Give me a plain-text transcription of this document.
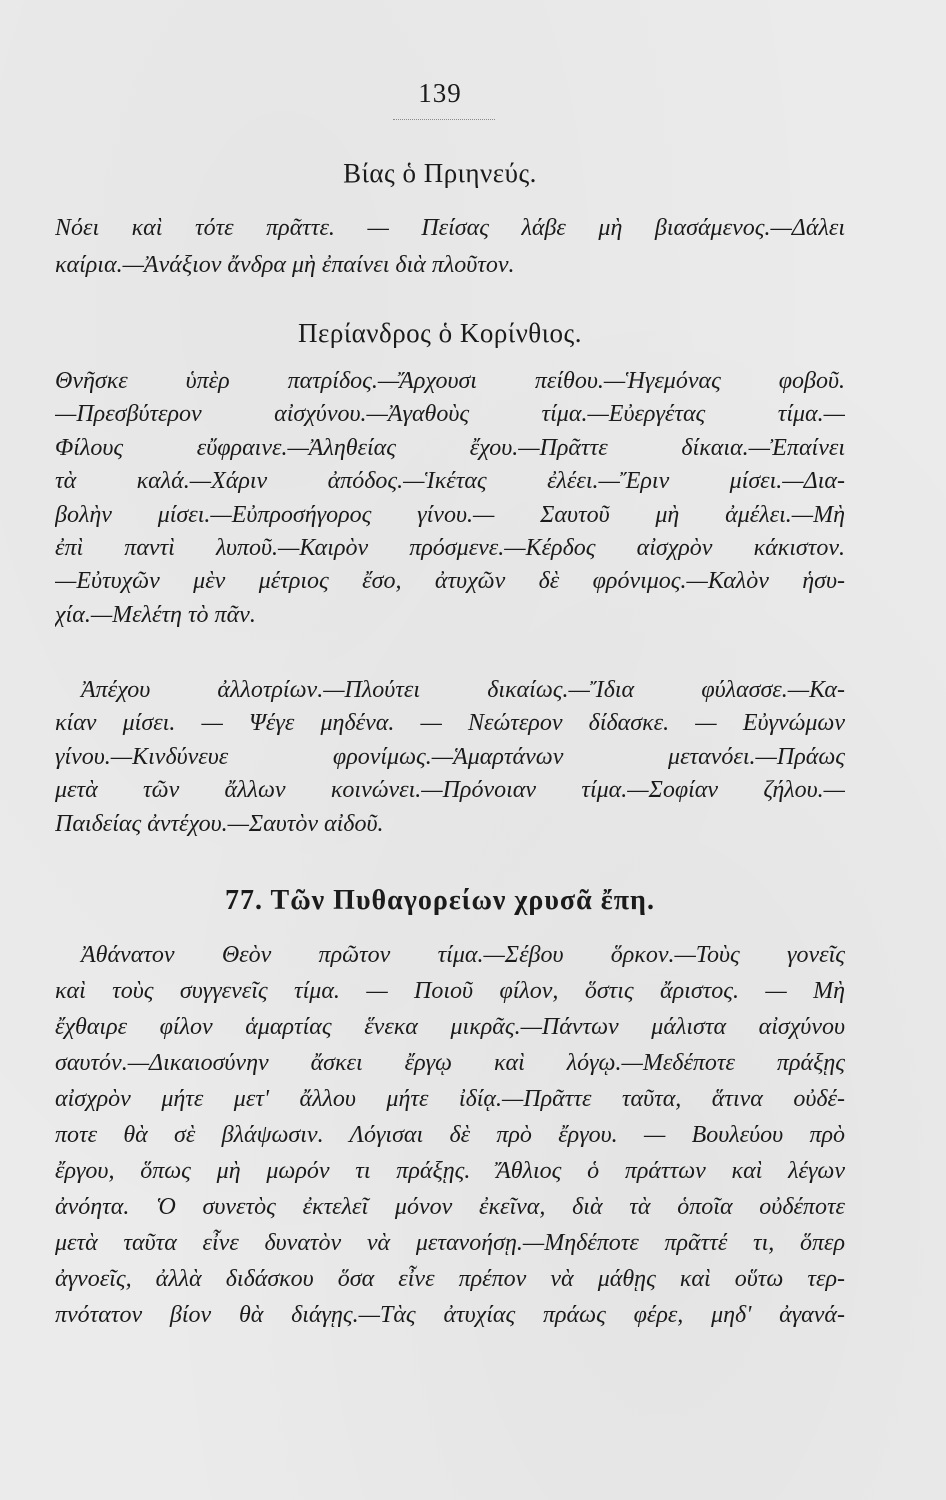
139
Βίας ὁ Πριηνεύς.
Νόει καὶ τότε πρᾶττε. — Πείσας λάβε μὴ βιασάμενος.—Δάλει
καίρια.—Ἀνάξιον ἄνδρα μὴ ἐπαίνει διὰ πλοῦτον.
Περίανδρος ὁ Κορίνθιος.
Θνῆσκε ὑπὲρ πατρίδος.—Ἄρχουσι πείθου.—Ἡγεμόνας φοβοῦ.
—Πρεσβύτερον αἰσχύνου.—Ἀγαθοὺς τίμα.—Εὐεργέτας τίμα.—
Φίλους εὔφραινε.—Ἀληθείας ἔχου.—Πρᾶττε δίκαια.—Ἐπαίνει
τὰ καλά.—Χάριν ἀπόδος.—Ἱκέτας ἐλέει.—Ἔριν μίσει.—Δια-
βολὴν μίσει.—Εὐπροσήγορος γίνου.— Σαυτοῦ μὴ ἀμέλει.—Μὴ
ἐπὶ παντὶ λυποῦ.—Καιρὸν πρόσμενε.—Κέρδος αἰσχρὸν κάκιστον.
—Εὐτυχῶν μὲν μέτριος ἔσο, ἀτυχῶν δὲ φρόνιμος.—Καλὸν ἡσυ-
χία.—Μελέτη τὸ πᾶν.
Ἀπέχου ἀλλοτρίων.—Πλούτει δικαίως.—Ἴδια φύλασσε.—Κα-
κίαν μίσει. — Ψέγε μηδένα. — Νεώτερον δίδασκε. — Εὐγνώμων
γίνου.—Κινδύνευε φρονίμως.—Ἁμαρτάνων μετανόει.—Πράως
μετὰ τῶν ἄλλων κοινώνει.—Πρόνοιαν τίμα.—Σοφίαν ζήλου.—
Παιδείας ἀντέχου.—Σαυτὸν αἰδοῦ.
77. Τῶν Πυθαγορείων χρυσᾶ ἔπη.
Ἀθάνατον Θεὸν πρῶτον τίμα.—Σέβου ὅρκον.—Τοὺς γονεῖς
καὶ τοὺς συγγενεῖς τίμα. — Ποιοῦ φίλον, ὅστις ἄριστος. — Μὴ
ἔχθαιρε φίλον ἁμαρτίας ἕνεκα μικρᾶς.—Πάντων μάλιστα αἰσχύνου
σαυτόν.—Δικαιοσύνην ἄσκει ἔργῳ καὶ λόγῳ.—Μεδέποτε πράξῃς
αἰσχρὸν μήτε μετ' ἄλλου μήτε ἰδίᾳ.—Πρᾶττε ταῦτα, ἅτινα οὐδέ-
ποτε θὰ σὲ βλάψωσιν. Λόγισαι δὲ πρὸ ἔργου. — Βουλεύου πρὸ
ἔργου, ὅπως μὴ μωρόν τι πράξῃς. Ἄθλιος ὁ πράττων καὶ λέγων
ἀνόητα. Ὁ συνετὸς ἐκτελεῖ μόνον ἐκεῖνα, διὰ τὰ ὁποῖα οὐδέποτε
μετὰ ταῦτα εἶνε δυνατὸν νὰ μετανοήσῃ.—Μηδέποτε πρᾶττέ τι, ὅπερ
ἀγνοεῖς, ἀλλὰ διδάσκου ὅσα εἶνε πρέπον νὰ μάθῃς καὶ οὕτω τερ-
πνότατον βίον θὰ διάγῃς.—Τὰς ἀτυχίας πράως φέρε, μηδ' ἀγανά-
